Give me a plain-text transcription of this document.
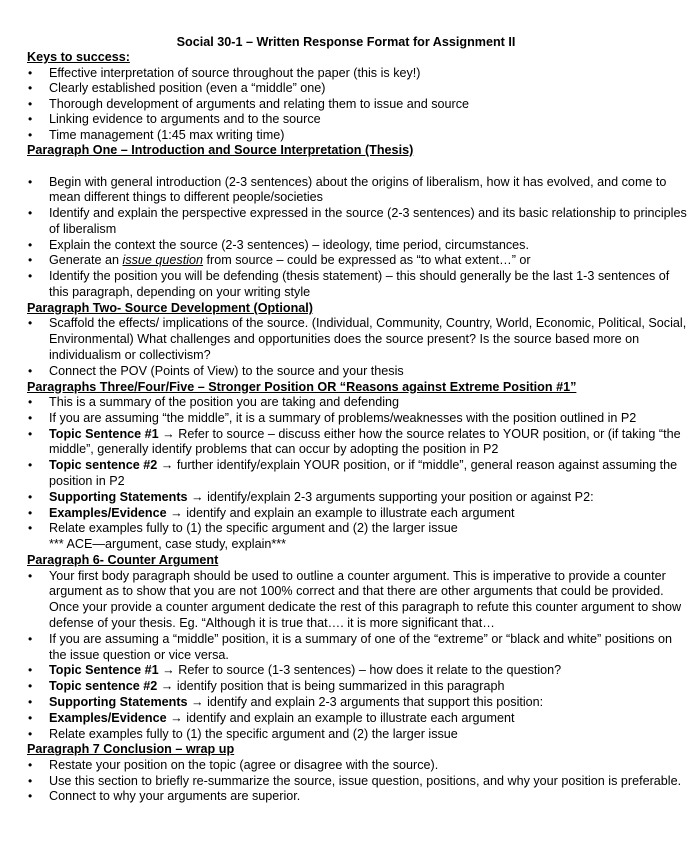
Social 30-1 – Written Response Format for Assignment II
Keys to success:
• Effective interpretation of source throughout the paper (this is key!)
• Clearly established position (even a “middle” one)
• Thorough development of arguments and relating them to issue and source
• Linking evidence to arguments and to the source
• Time management (1:45 max writing time)
Paragraph One – Introduction and Source Interpretation (Thesis)
• Begin with general introduction (2-3 sentences) about the origins of liberalism, how it has evolved, and come to mean different things to different people/societies
• Identify and explain the perspective expressed in the source (2-3 sentences) and its basic relationship to principles of liberalism
• Explain the context the source (2-3 sentences) – ideology, time period, circumstances.
• Generate an issue question from source – could be expressed as “to what extent…” or
• Identify the position you will be defending (thesis statement) – this should generally be the last 1-3 sentences of this paragraph, depending on your writing style
Paragraph Two- Source Development (Optional)
• Scaffold the effects/ implications of the source. (Individual, Community, Country, World, Economic, Political, Social, Environmental) What challenges and opportunities does the source present? Is the source based more on individualism or collectivism?
• Connect the POV (Points of View) to the source and your thesis
Paragraphs Three/Four/Five – Stronger Position OR “Reasons against Extreme Position #1”
• This is a summary of the position you are taking and defending
• If you are assuming “the middle”, it is a summary of problems/weaknesses with the position outlined in P2
• Topic Sentence #1 → Refer to source – discuss either how the source relates to YOUR position, or (if taking “the middle”, generally identify problems that can occur by adopting the position in P2
• Topic sentence #2 → further identify/explain YOUR position, or if “middle”, general reason against assuming the position in P2
• Supporting Statements → identify/explain 2-3 arguments supporting your position or against P2:
• Examples/Evidence → identify and explain an example to illustrate each argument
• Relate examples fully to (1) the specific argument and (2) the larger issue
*** ACE—argument, case study, explain***
Paragraph 6- Counter Argument
• Your first body paragraph should be used to outline a counter argument. This is imperative to provide a counter argument as to show that you are not 100% correct and that there are other arguments that could be provided. Once your provide a counter argument dedicate the rest of this paragraph to refute this counter argument to show defense of your thesis. Eg. “Although it is true that…. it is more significant that…
• If you are assuming a “middle” position, it is a summary of one of the “extreme” or “black and white” positions on the issue question or vice versa.
• Topic Sentence #1 → Refer to source (1-3 sentences) – how does it relate to the question?
• Topic sentence #2 → identify position that is being summarized in this paragraph
• Supporting Statements → identify and explain 2-3 arguments that support this position:
• Examples/Evidence → identify and explain an example to illustrate each argument
• Relate examples fully to (1) the specific argument and (2) the larger issue
Paragraph 7 Conclusion – wrap up
• Restate your position on the topic (agree or disagree with the source).
• Use this section to briefly re-summarize the source, issue question, positions, and why your position is preferable.
• Connect to why your arguments are superior.
